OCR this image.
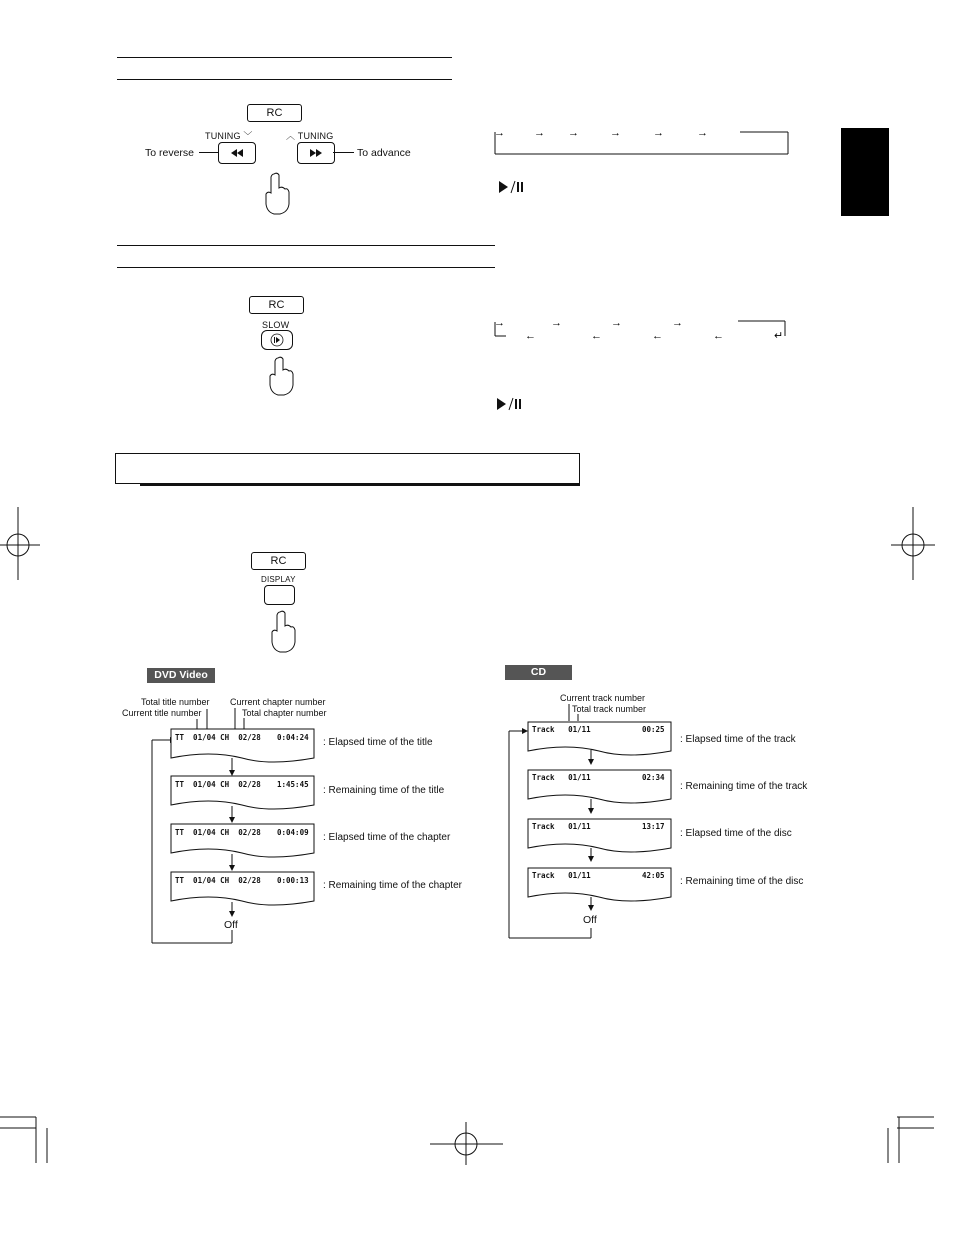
RC
TUNING ﹀	︿ TUNING
To reverse	To advance
→	→ →	→	→	→
RC
SLOW	→	→	→	→
←	←	←	←	↵
RC
DISPLAY
DVD Video
Total title number
Current title number
Current chapter number
Total chapter number
TT  01/04 CH  02/28 0:04:24 : Elapsed time of the title
TT  01/04 CH  02/28 1:45:45
: Remaining time of the title
TT  01/04 CH  02/28 0:04:09 : Elapsed time of the chapter
TT  01/04 CH  02/28 0:00:13 : Remaining time of the chapter
Off
CD
Current track number
Total track number
Track   01/11	00:25
: Elapsed time of the track
Track   01/11	02:34
: Remaining time of the track
Track   01/11	13:17
: Elapsed time of the disc
Track   01/11	42:05
: Remaining time of the disc
Off
